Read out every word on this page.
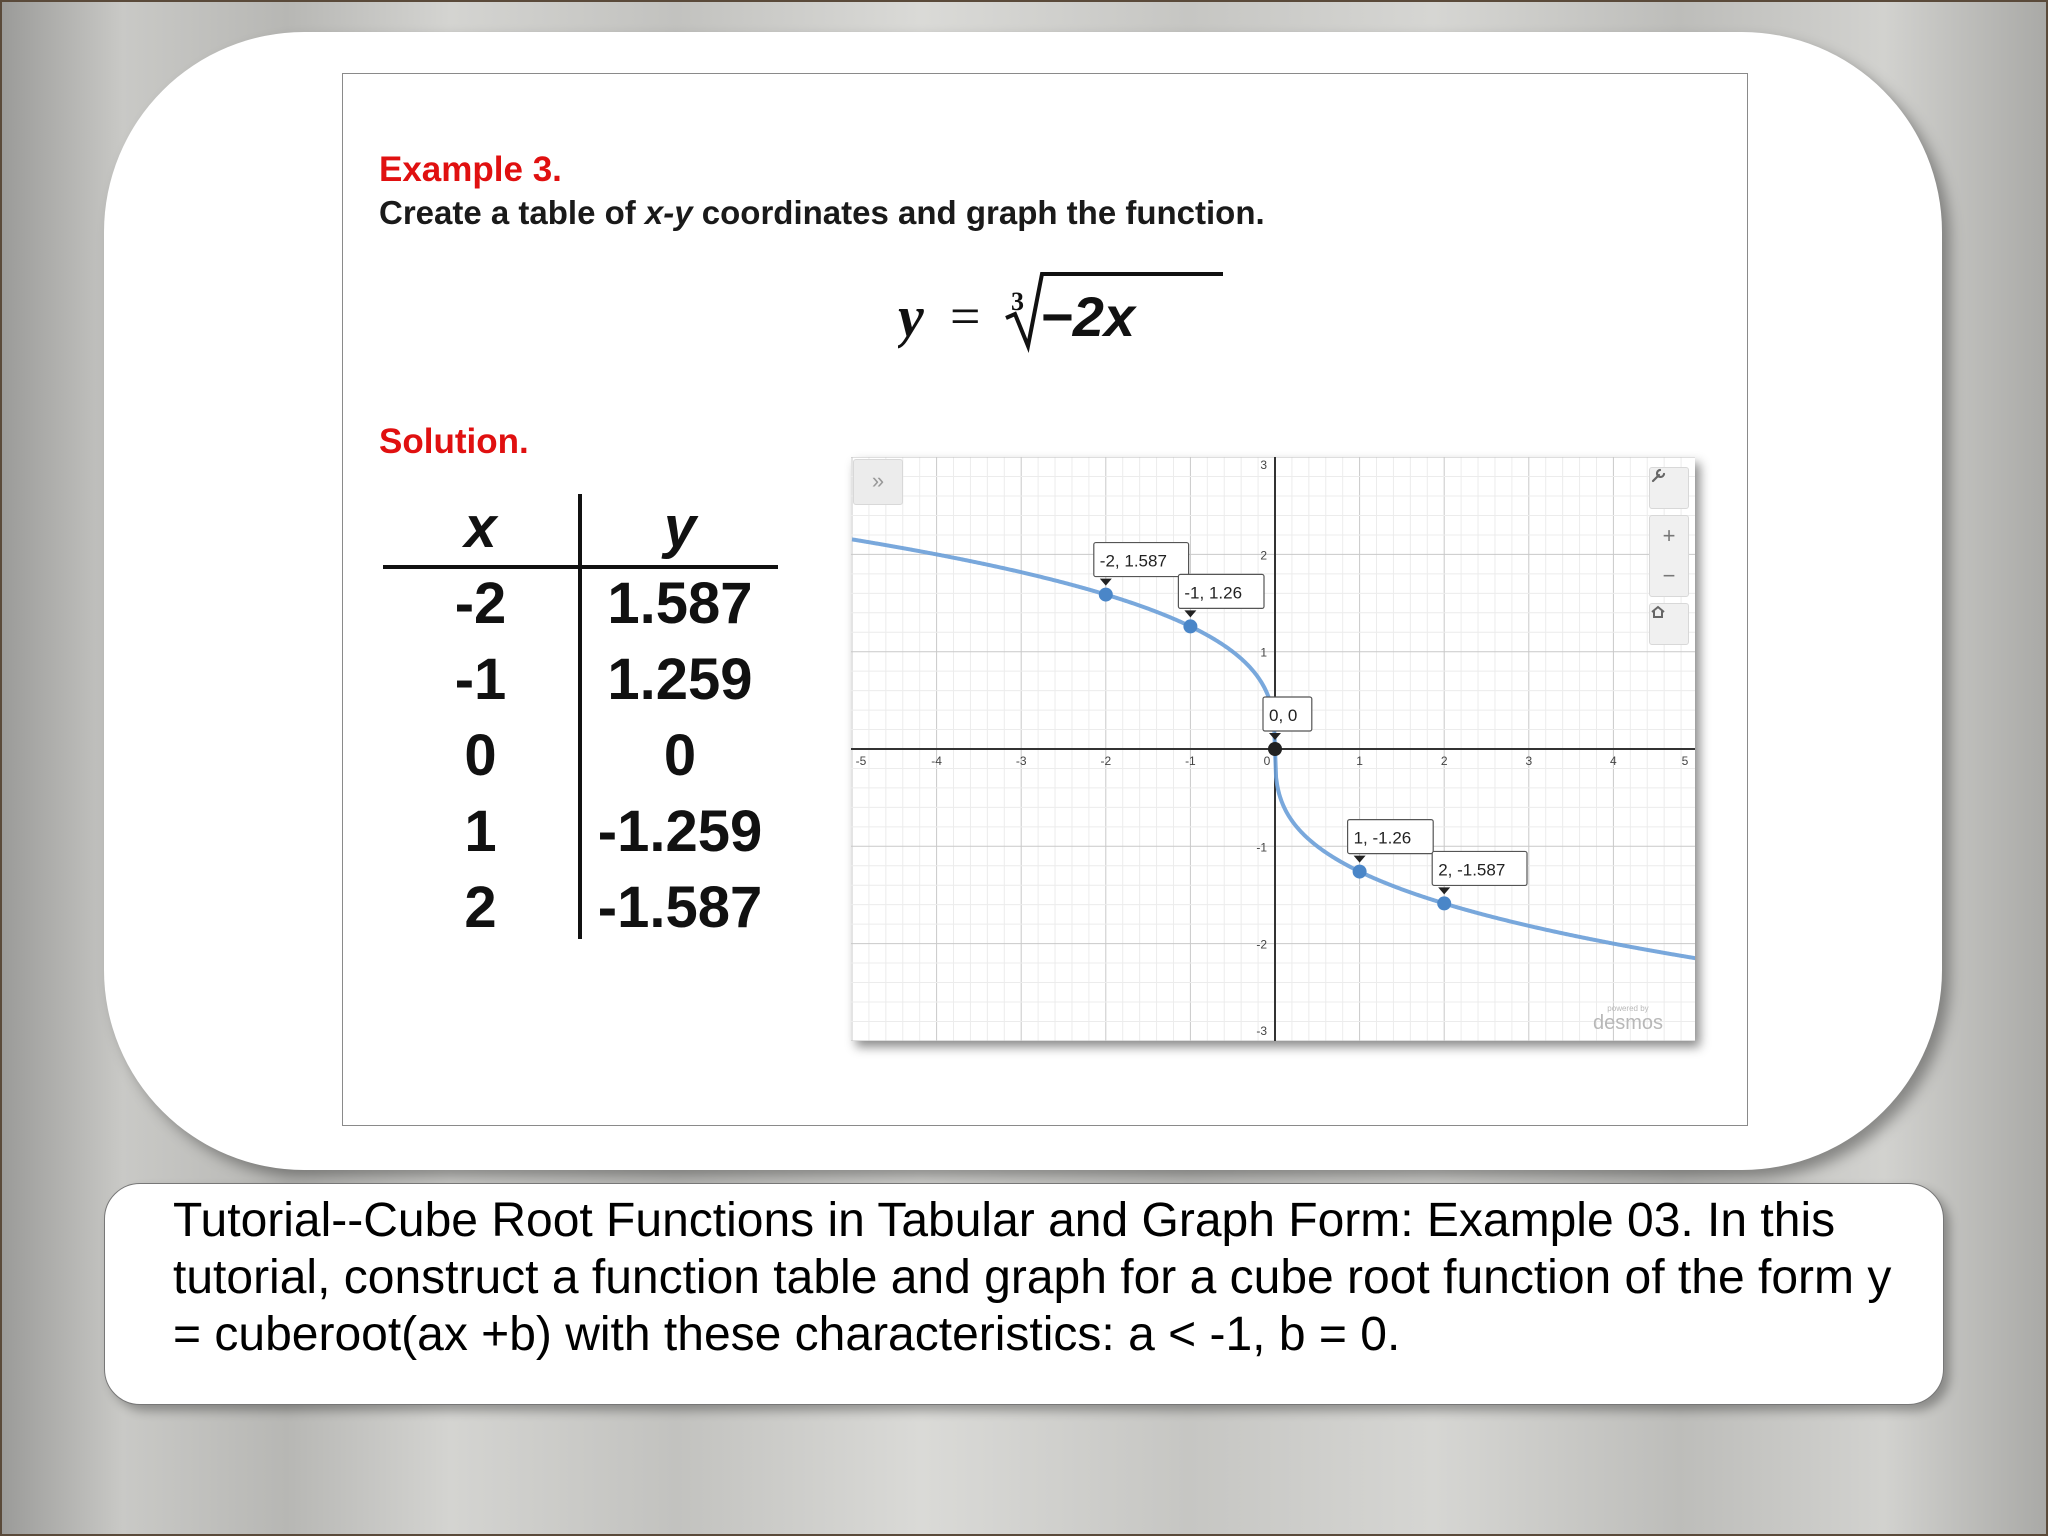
Example 3.
Create a table of x-y coordinates and graph the function.
y = 3 −2x
Solution.
x	y
-2	1.587
-1	1.259
0	0
1	-1.259
2	-1.587
-5	-4	-3	-2	-1	0	1	2	3	4	5
-3
-2
-1
1
2
3
-2, 1.587
-1, 1.26
0, 0
1, -1.26
2, -1.587
»
+
−
powered by
desmos
Tutorial--Cube Root Functions in Tabular and Graph Form: Example 03. In this tutorial, construct a function table and graph for a cube root function of the form y = cuberoot(ax +b) with these characteristics: a < -1, b = 0.
